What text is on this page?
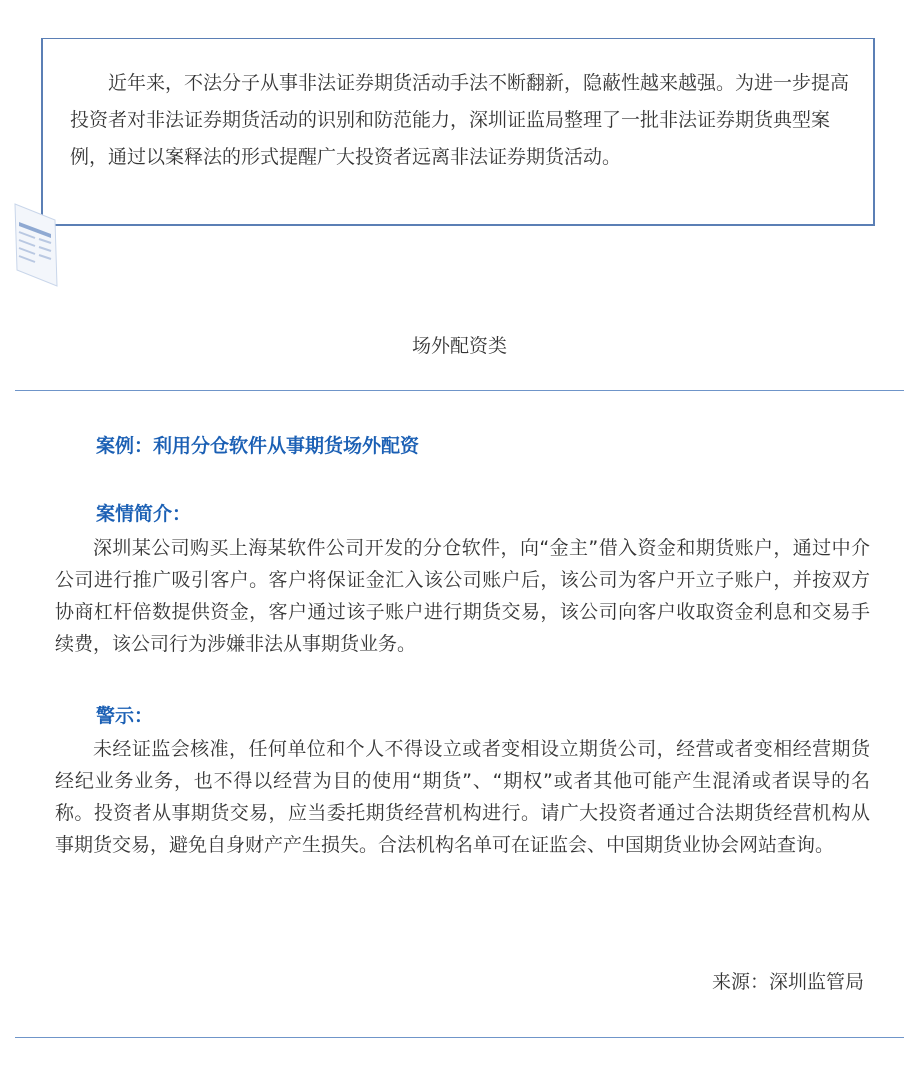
近年来，不法分子从事非法证券期货活动手法不断翻新，隐蔽性越来越强。为进一步提高投资者对非法证券期货活动的识别和防范能力，深圳证监局整理了一批非法证券期货典型案例，通过以案释法的形式提醒广大投资者远离非法证券期货活动。

场外配资类

案例：利用分仓软件从事期货场外配资

案情简介：

深圳某公司购买上海某软件公司开发的分仓软件，向“金主”借入资金和期货账户，通过中介公司进行推广吸引客户。客户将保证金汇入该公司账户后，该公司为客户开立子账户，并按双方协商杠杆倍数提供资金，客户通过该子账户进行期货交易，该公司向客户收取资金利息和交易手续费，该公司行为涉嫌非法从事期货业务。

警示：

未经证监会核准，任何单位和个人不得设立或者变相设立期货公司，经营或者变相经营期货经纪业务业务，也不得以经营为目的使用“期货”、“期权”或者其他可能产生混淆或者误导的名称。投资者从事期货交易，应当委托期货经营机构进行。请广大投资者通过合法期货经营机构从事期货交易，避免自身财产产生损失。合法机构名单可在证监会、中国期货业协会网站查询。

来源：深圳监管局
